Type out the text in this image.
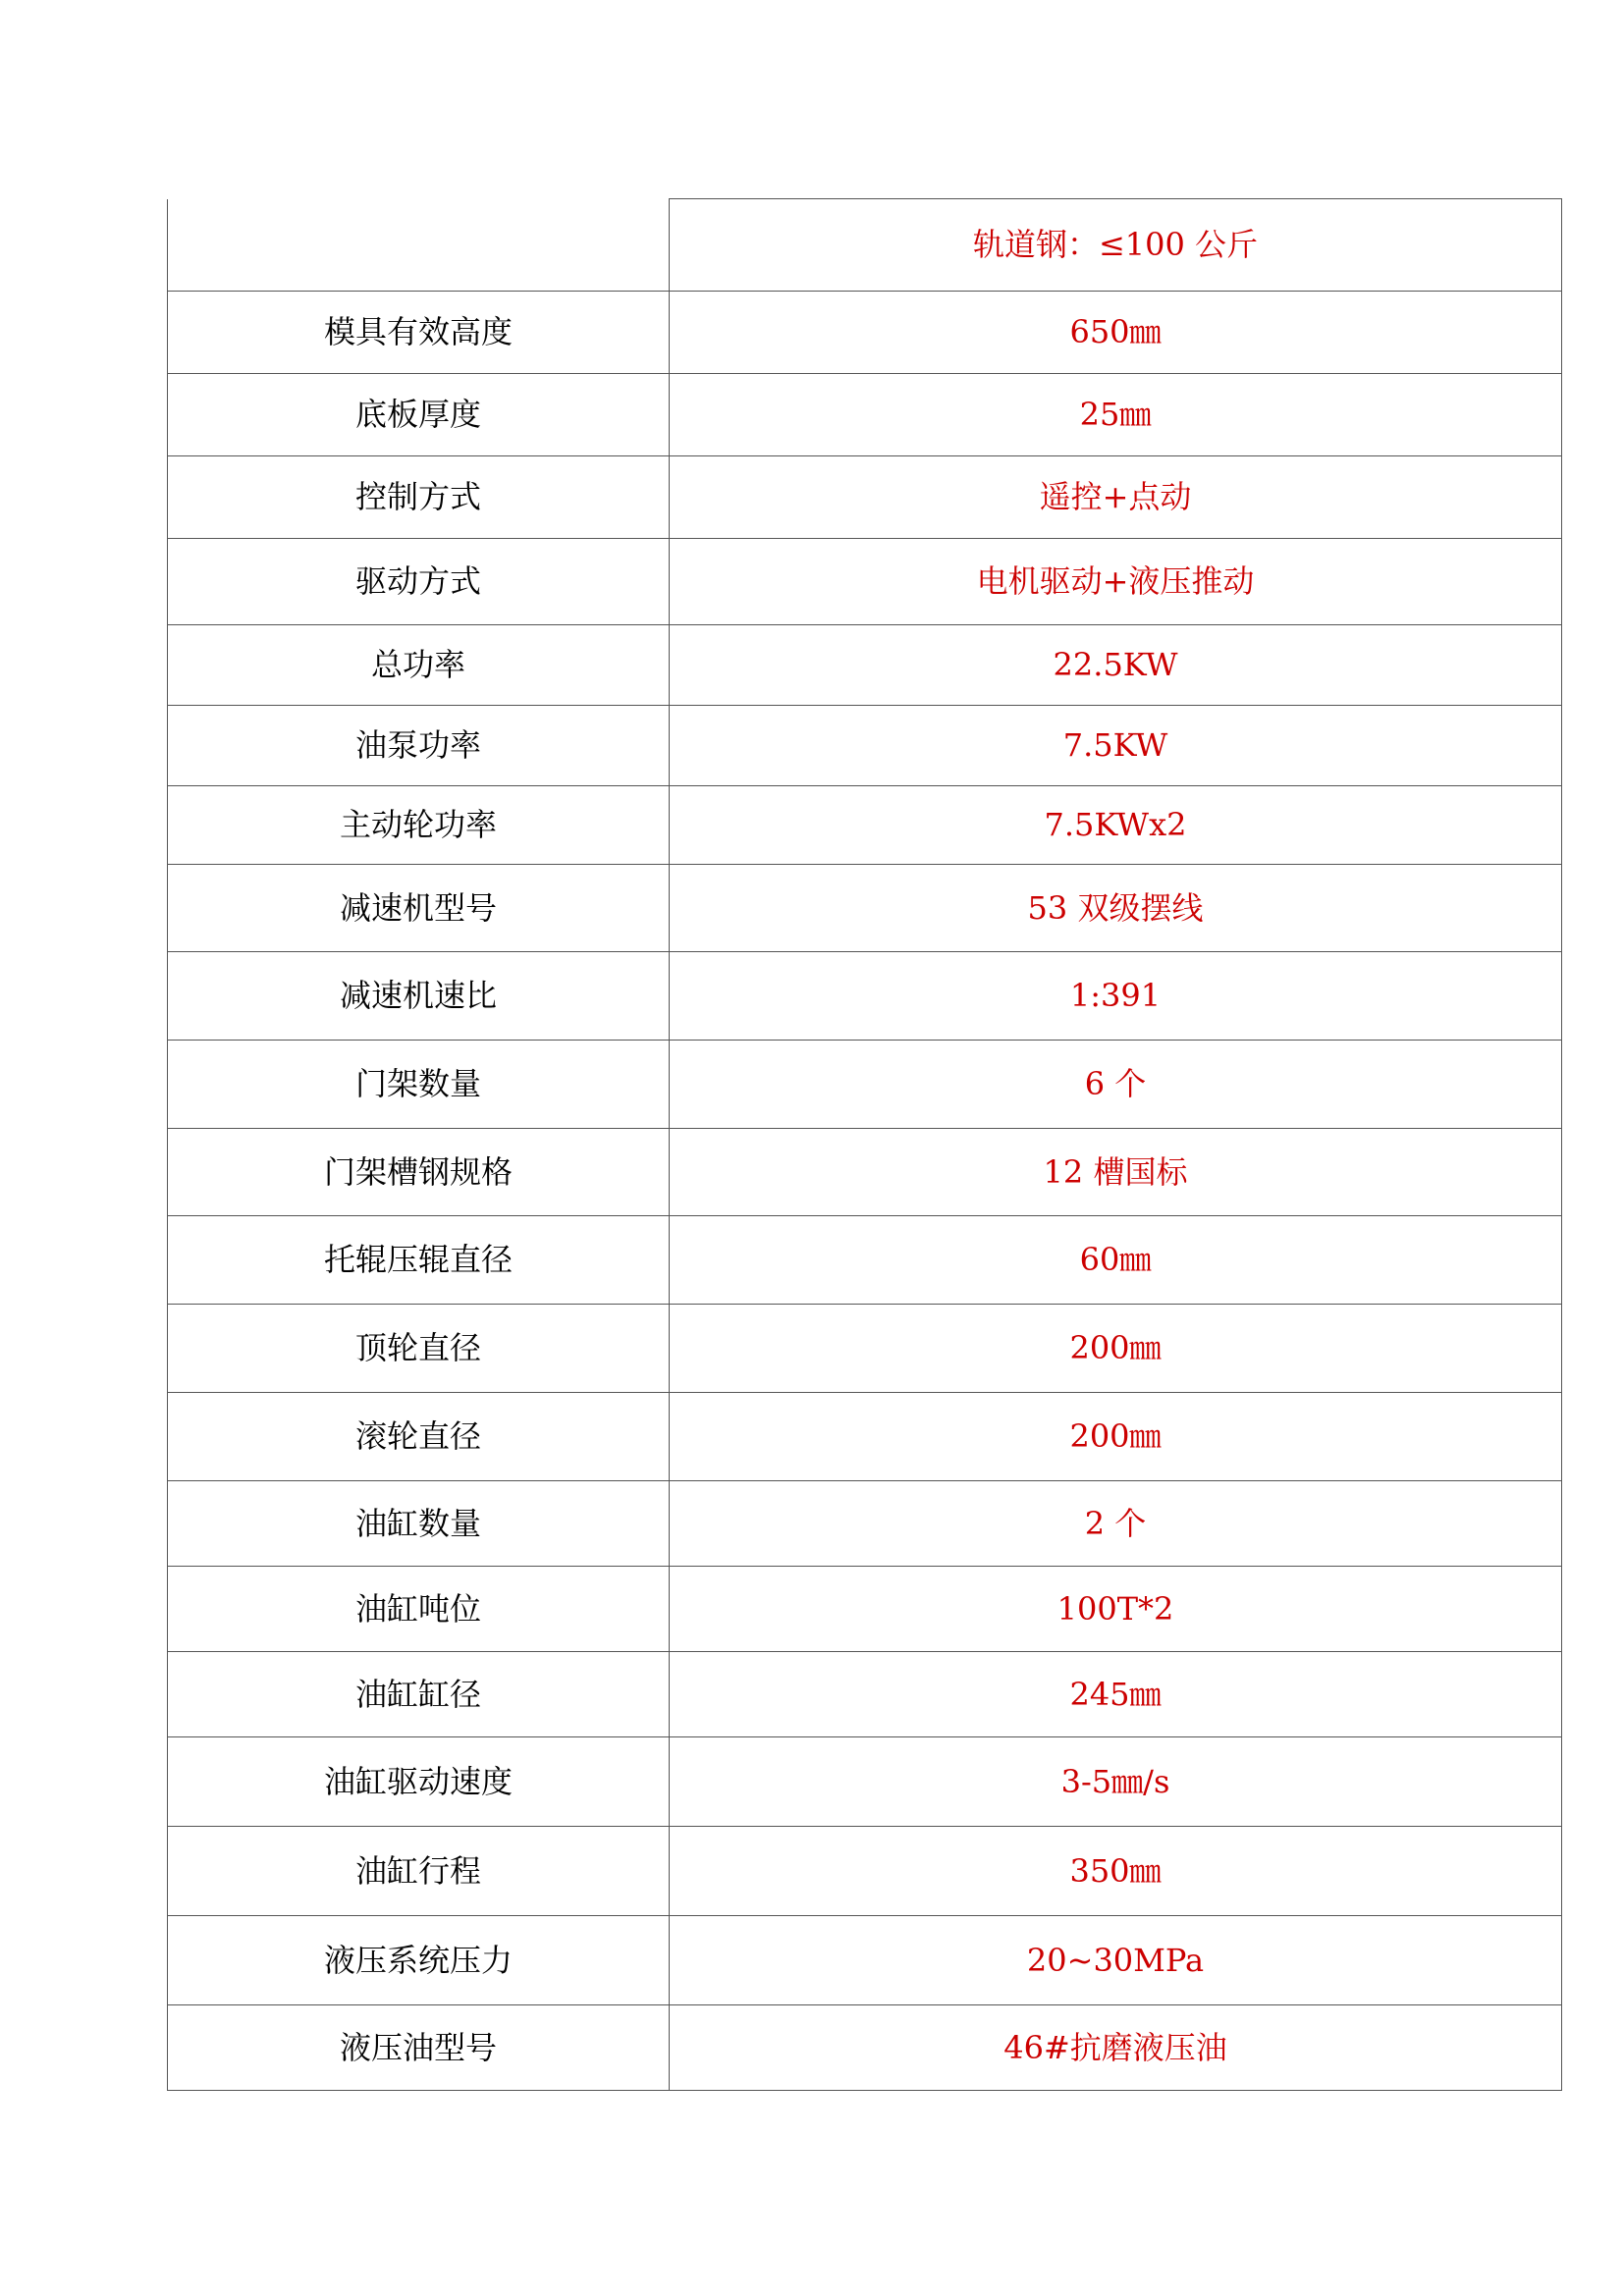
	轨道钢：≤100 公斤
模具有效高度	650㎜
底板厚度	25㎜
控制方式	遥控+点动
驱动方式	电机驱动+液压推动
总功率	22.5KW
油泵功率	7.5KW
主动轮功率	7.5KWx2
减速机型号	53 双级摆线
减速机速比	1:391
门架数量	6 个
门架槽钢规格	12 槽国标
托辊压辊直径	60㎜
顶轮直径	200㎜
滚轮直径	200㎜
油缸数量	2 个
油缸吨位	100T*2
油缸缸径	245㎜
油缸驱动速度	3-5㎜/s
油缸行程	350㎜
液压系统压力	20~30MPa
液压油型号	46#抗磨液压油
